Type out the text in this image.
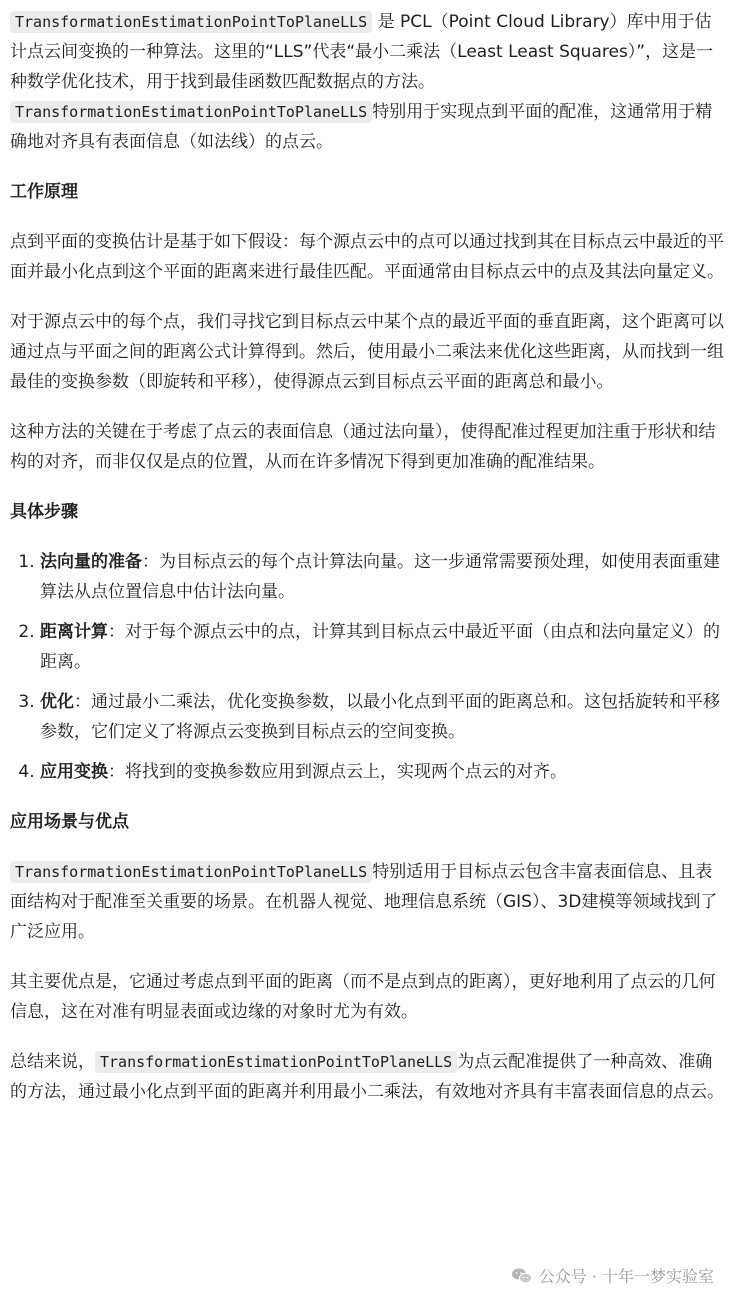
TransformationEstimationPointToPlaneLLS 是 PCL（Point Cloud Library）库中用于估计点云间变换的一种算法。这里的“LLS”代表“最小二乘法（Least Least Squares）”，这是一种数学优化技术，用于找到最佳函数匹配数据点的方法。 TransformationEstimationPointToPlaneLLS 特别用于实现点到平面的配准，这通常用于精确地对齐具有表面信息（如法线）的点云。

工作原理

点到平面的变换估计是基于如下假设：每个源点云中的点可以通过找到其在目标点云中最近的平面并最小化点到这个平面的距离来进行最佳匹配。平面通常由目标点云中的点及其法向量定义。

对于源点云中的每个点，我们寻找它到目标点云中某个点的最近平面的垂直距离，这个距离可以通过点与平面之间的距离公式计算得到。然后，使用最小二乘法来优化这些距离，从而找到一组最佳的变换参数（即旋转和平移），使得源点云到目标点云平面的距离总和最小。

这种方法的关键在于考虑了点云的表面信息（通过法向量），使得配准过程更加注重于形状和结构的对齐，而非仅仅是点的位置，从而在许多情况下得到更加准确的配准结果。

具体步骤
1. 法向量的准备：为目标点云的每个点计算法向量。这一步通常需要预处理，如使用表面重建算法从点位置信息中估计法向量。
2. 距离计算：对于每个源点云中的点，计算其到目标点云中最近平面（由点和法向量定义）的距离。
3. 优化：通过最小二乘法，优化变换参数，以最小化点到平面的距离总和。这包括旋转和平移参数，它们定义了将源点云变换到目标点云的空间变换。
4. 应用变换：将找到的变换参数应用到源点云上，实现两个点云的对齐。
应用场景与优点

TransformationEstimationPointToPlaneLLS 特别适用于目标点云包含丰富表面信息、且表面结构对于配准至关重要的场景。在机器人视觉、地理信息系统（GIS）、3D建模等领域找到了广泛应用。

其主要优点是，它通过考虑点到平面的距离（而不是点到点的距离），更好地利用了点云的几何信息，这在对准有明显表面或边缘的对象时尤为有效。

总结来说， TransformationEstimationPointToPlaneLLS 为点云配准提供了一种高效、准确的方法，通过最小化点到平面的距离并利用最小二乘法，有效地对齐具有丰富表面信息的点云。

公众号 · 十年一梦实验室
